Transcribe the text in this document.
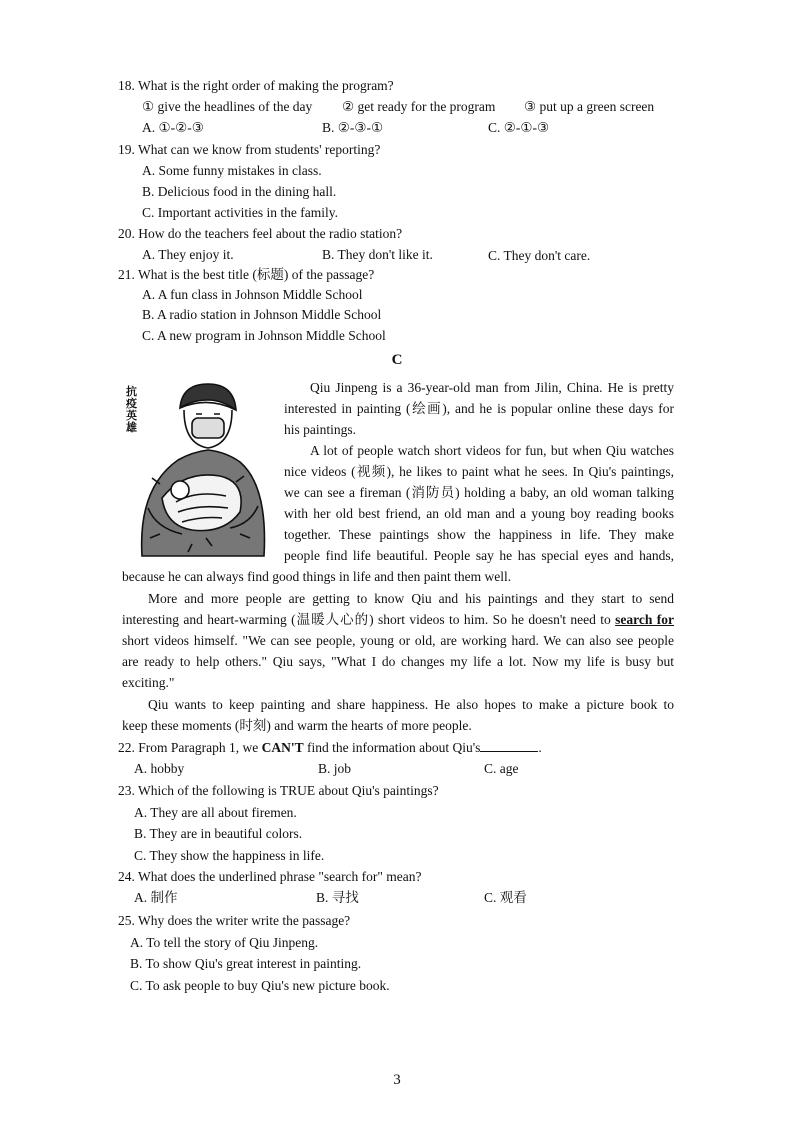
18. What is the right order of making the program?
① give the headlines of the day ② get ready for the program ③ put up a green screen
A. ①-②-③	B. ②-③-①	C. ②-①-③
19. What can we know from students' reporting?
A. Some funny mistakes in class.
B. Delicious food in the dining hall.
C. Important activities in the family.
20. How do the teachers feel about the radio station?
A. They enjoy it.	B. They don't like it.	C. They don't care.
21. What is the best title (标题) of the passage?
A. A fun class in Johnson Middle School
B. A radio station in Johnson Middle School
C. A new program in Johnson Middle School
C
抗疫英雄
Qiu Jinpeng is a 36-year-old man from Jilin, China. He is pretty
interested in painting (绘画), and he is popular online these days for
his paintings.
A lot of people watch short videos for fun, but when Qiu watches
nice videos (视频), he likes to paint what he sees. In Qiu's paintings,
we can see a fireman (消防员) holding a baby, an old woman talking
with her old best friend, an old man and a young boy reading books
together. These paintings show the happiness in life. They make
people find life beautiful. People say he has special eyes and hands,
because he can always find good things in life and then paint them well.
More and more people are getting to know Qiu and his paintings and they start to send
interesting and heart-warming (温暖人心的) short videos to him. So he doesn't need to search for
short videos himself. "We can see people, young or old, are working hard. We can also see people
are ready to help others." Qiu says, "What I do changes my life a lot. Now my life is busy but
exciting."
Qiu wants to keep painting and share happiness. He also hopes to make a picture book to
keep these moments (时刻) and warm the hearts of more people.
22. From Paragraph 1, we CAN'T find the information about Qiu's	.
A. hobby	B. job	C. age
23. Which of the following is TRUE about Qiu's paintings?
A. They are all about firemen.
B. They are in beautiful colors.
C. They show the happiness in life.
24. What does the underlined phrase "search for" mean?
A. 制作	B. 寻找	C. 观看
25. Why does the writer write the passage?
A. To tell the story of Qiu Jinpeng.
B. To show Qiu's great interest in painting.
C. To ask people to buy Qiu's new picture book.
3
